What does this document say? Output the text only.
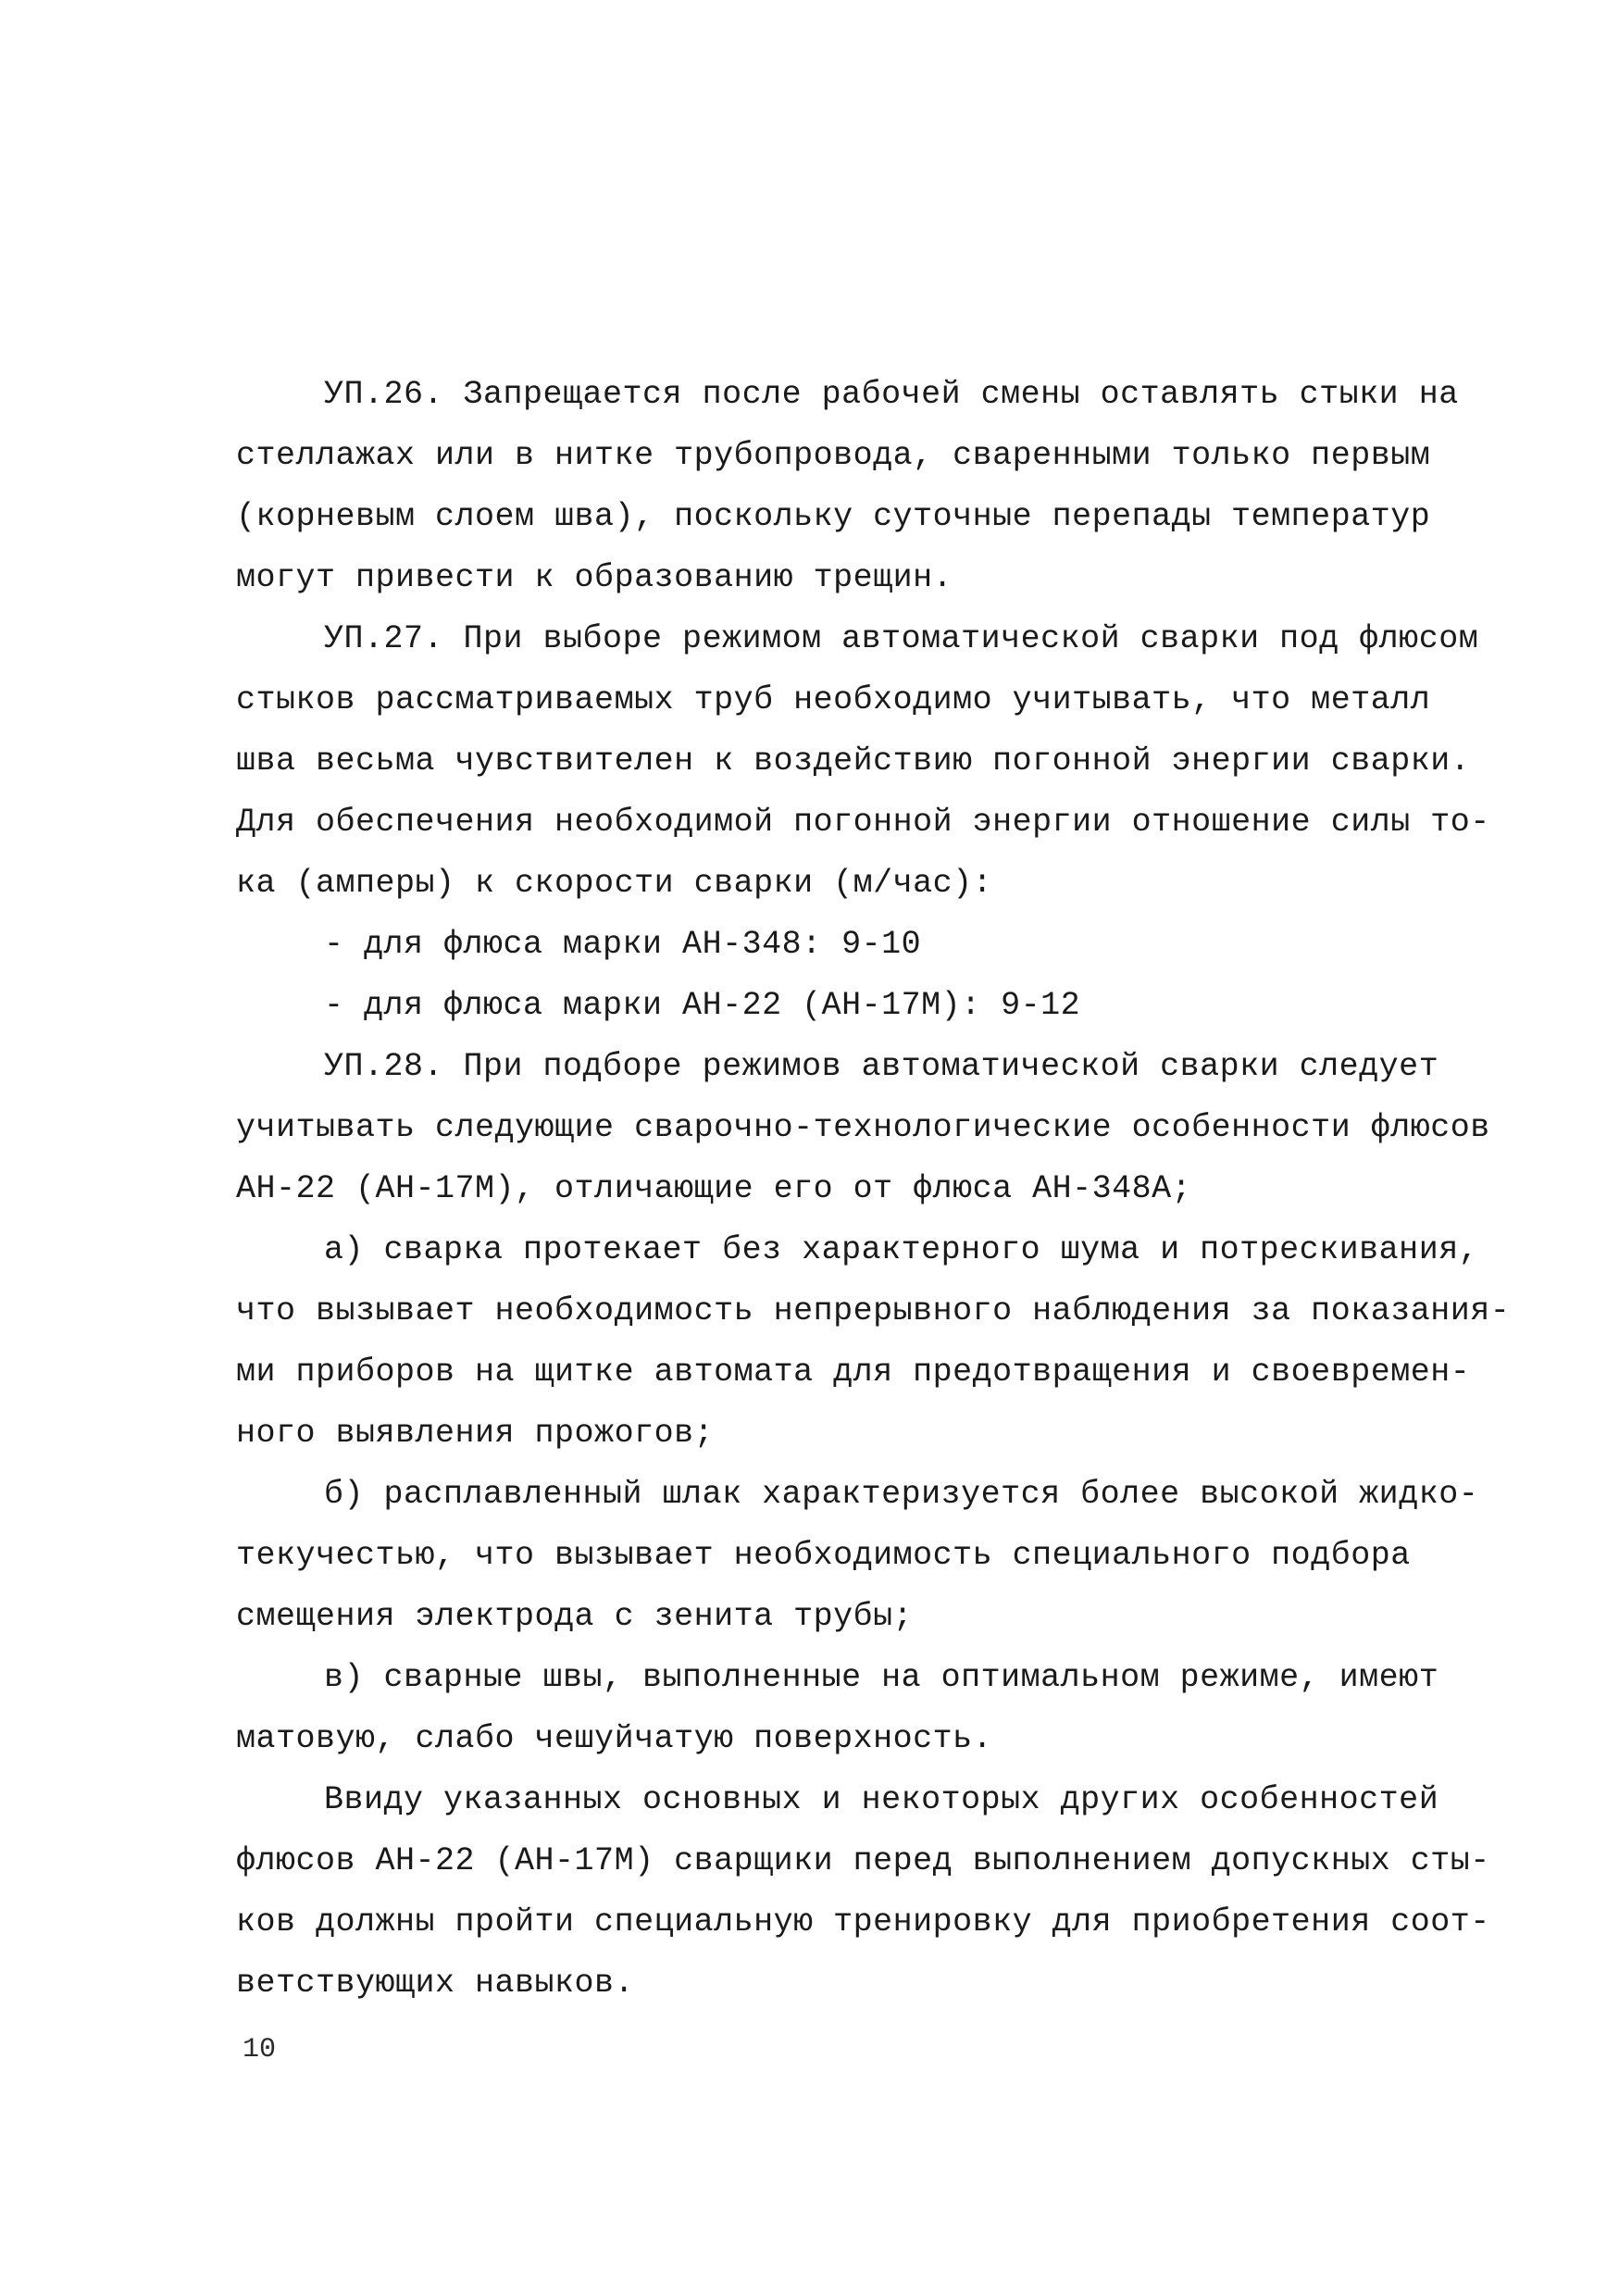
УП.26. Запрещается после рабочей смены оставлять стыки на
стеллажах или в нитке трубопровода, сваренными только первым
(корневым слоем шва), поскольку суточные перепады температур
могут привести к образованию трещин.
УП.27. При выборе режимом автоматической сварки под флюсом
стыков рассматриваемых труб необходимо учитывать, что металл
шва весьма чувствителен к воздействию погонной энергии сварки.
Для обеспечения необходимой погонной энергии отношение силы то-
ка (амперы) к скорости сварки (м/час):
- для флюса марки АН-348: 9-10
- для флюса марки АН-22 (АН-17М): 9-12
УП.28. При подборе режимов автоматической сварки следует
учитывать следующие сварочно-технологические особенности флюсов
АН-22 (АН-17М), отличающие его от флюса АН-348А;
а) сварка протекает без характерного шума и потрескивания,
что вызывает необходимость непрерывного наблюдения за показания-
ми приборов на щитке автомата для предотвращения и своевремен-
ного выявления прожогов;
б) расплавленный шлак характеризуется более высокой жидко-
текучестью, что вызывает необходимость специального подбора
смещения электрода с зенита трубы;
в) сварные швы, выполненные на оптимальном режиме, имеют
матовую, слабо чешуйчатую поверхность.
Ввиду указанных основных и некоторых других особенностей
флюсов АН-22 (АН-17М) сварщики перед выполнением допускных сты-
ков должны пройти специальную тренировку для приобретения соот-
ветствующих навыков.
10
